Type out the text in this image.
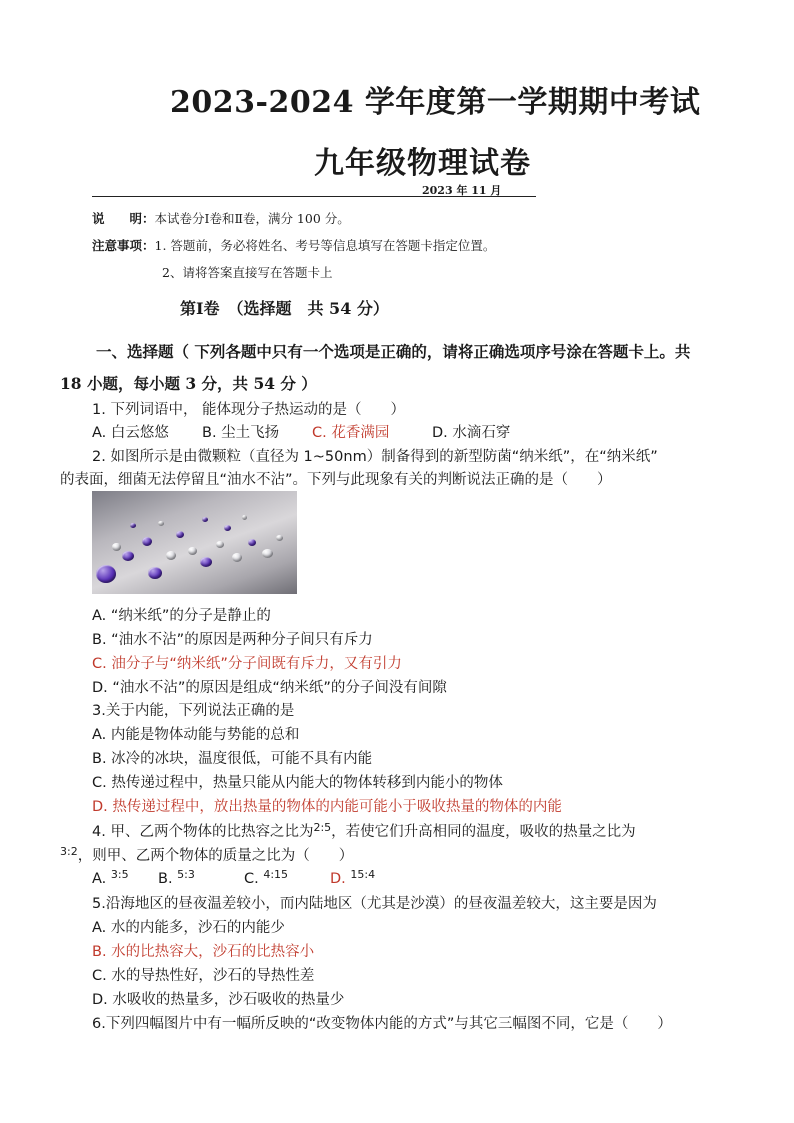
2023-2024 学年度第一学期期中考试
九年级物理试卷
2023 年 11 月
说　　明：本试卷分Ⅰ卷和Ⅱ卷，满分 100 分。
注意事项：1. 答题前，务必将姓名、考号等信息填写在答题卡指定位置。
2、请将答案直接写在答题卡上
第Ⅰ卷　（选择题　共 54 分）
一、选择题（ 下列各题中只有一个选项是正确的，请将正确选项序号涂在答题卡上。共
18 小题，每小题 3 分，共 54 分 ）
1. 下列词语中， 能体现分子热运动的是（　　）
A. 白云悠悠 B. 尘土飞扬 C. 花香满园	D. 水滴石穿
2. 如图所示是由微颗粒（直径为 1~50nm）制备得到的新型防菌“纳米纸”，在“纳米纸”
的表面，细菌无法停留且“油水不沾”。下列与此现象有关的判断说法正确的是（　　）
A. “纳米纸”的分子是静止的
B. “油水不沾”的原因是两种分子间只有斥力
C. 油分子与“纳米纸”分子间既有斥力，又有引力
D. “油水不沾”的原因是组成“纳米纸”的分子间没有间隙
3.关于内能，下列说法正确的是
A. 内能是物体动能与势能的总和
B. 冰冷的冰块，温度很低，可能不具有内能
C. 热传递过程中，热量只能从内能大的物体转移到内能小的物体
D. 热传递过程中，放出热量的物体的内能可能小于吸收热量的物体的内能
4. 甲、乙两个物体的比热容之比为$^{2:5}$，若使它们升高相同的温度，吸收的热量之比为
$^{3:2}$，则甲、乙两个物体的质量之比为（　　）
A. $^{3:5}$ B. $^{5:3}$	C. $^{4:15}$	D. $^{15:4}$
5.沿海地区的昼夜温差较小，而内陆地区（尤其是沙漠）的昼夜温差较大，这主要是因为
A. 水的内能多，沙石的内能少
B. 水的比热容大，沙石的比热容小
C. 水的导热性好，沙石的导热性差
D. 水吸收的热量多，沙石吸收的热量少
6.下列四幅图片中有一幅所反映的“改变物体内能的方式”与其它三幅图不同，它是（　　）
